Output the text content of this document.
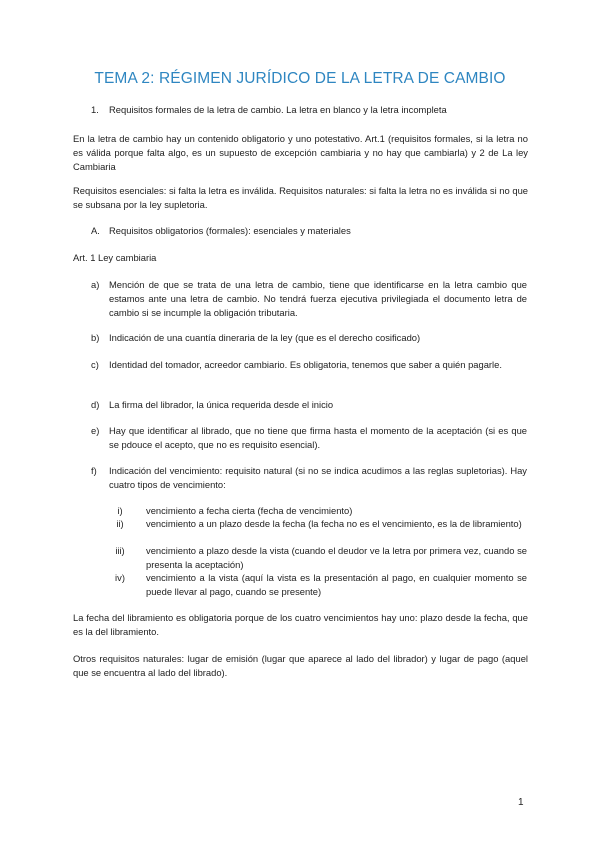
TEMA 2: RÉGIMEN JURÍDICO DE LA LETRA DE CAMBIO
1. Requisitos formales de la letra de cambio. La letra en blanco y la letra incompleta

En la letra de cambio hay un contenido obligatorio y uno potestativo. Art.1 (requisitos formales, si la letra no es válida porque falta algo, es un supuesto de excepción cambiaria y no hay que cambiarla) y 2 de La ley Cambiaria

Requisitos esenciales: si falta la letra es inválida. Requisitos naturales: si falta la letra no es inválida si no que se subsana por la ley supletoria.

A. Requisitos obligatorios (formales): esenciales y materiales
Art. 1 Ley cambiaria
a) Mención de que se trata de una letra de cambio, tiene que identificarse en la letra cambio que estamos ante una letra de cambio. No tendrá fuerza ejecutiva privilegiada el documento letra de cambio si se incumple la obligación tributaria.
b) Indicación de una cuantía dineraria de la ley (que es el derecho cosificado)
c) Identidad del tomador, acreedor cambiario. Es obligatoria, tenemos que saber a quién pagarle.
d) La firma del librador, la única requerida desde el inicio
e) Hay que identificar al librado, que no tiene que firma hasta el momento de la aceptación (si es que se pdouce el acepto, que no es requisito esencial).
f) Indicación del vencimiento: requisito natural (si no se indica acudimos a las reglas supletorias). Hay cuatro tipos de vencimiento:
i)	vencimiento a fecha cierta (fecha de vencimiento)
ii)	vencimiento a un plazo desde la fecha (la fecha no es el vencimiento, es la de libramiento)
iii)	vencimiento a plazo desde la vista (cuando el deudor ve la letra por primera vez, cuando se presenta la aceptación)
iv)	vencimiento a la vista (aquí la vista es la presentación al pago, en cualquier momento se puede llevar al pago, cuando se presente)

La fecha del libramiento es obligatoria porque de los cuatro vencimientos hay uno: plazo desde la fecha, que es la del libramiento.

Otros requisitos naturales: lugar de emisión (lugar que aparece al lado del librador) y lugar de pago (aquel que se encuentra al lado del librado).

1
